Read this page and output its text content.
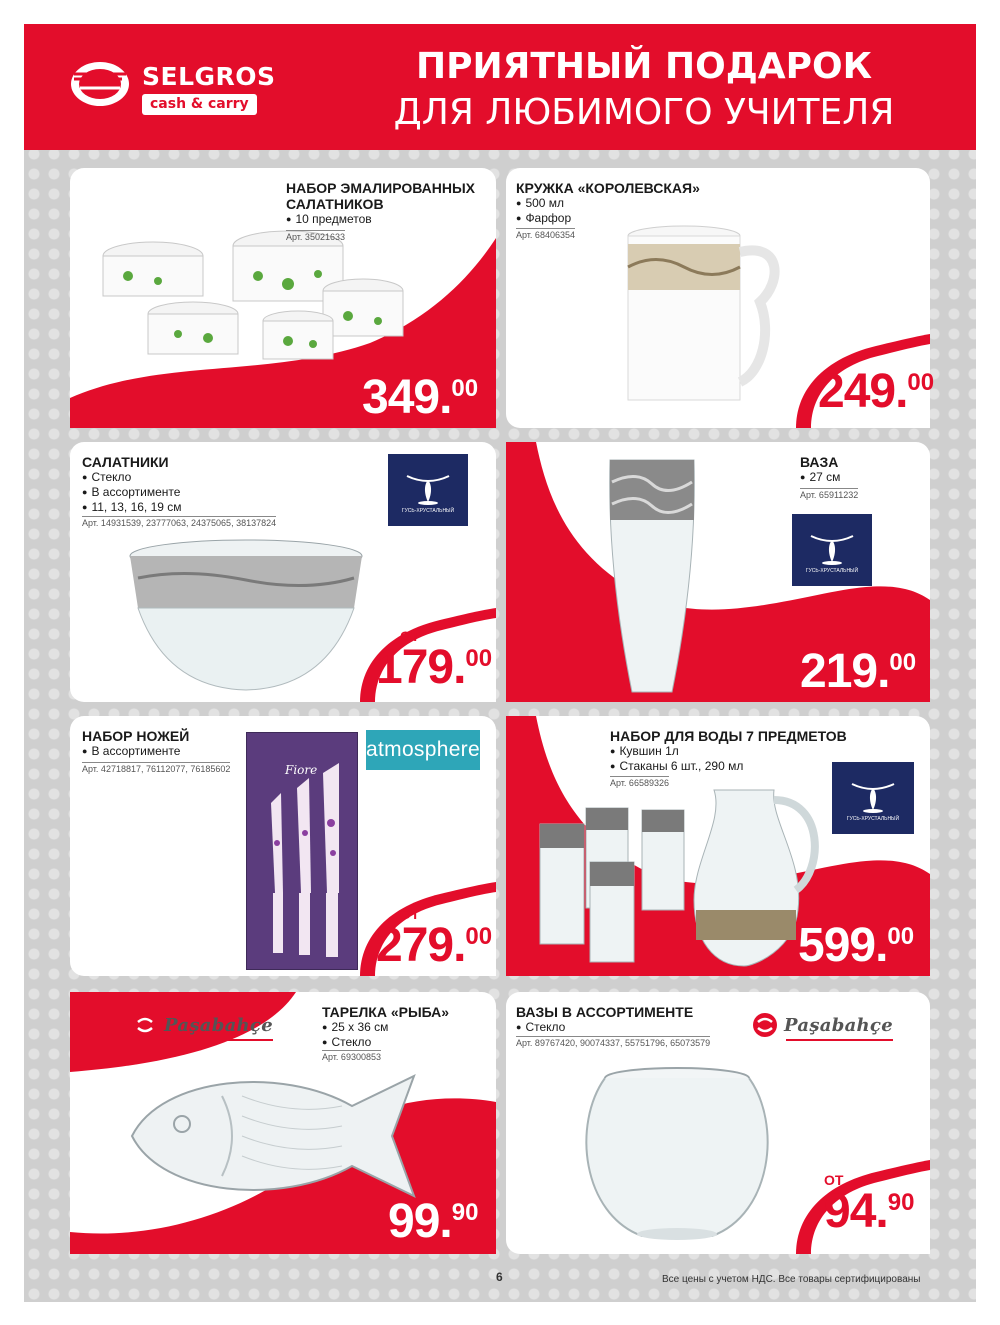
SELGROS
cash & carry
ПРИЯТНЫЙ ПОДАРОК
ДЛЯ ЛЮБИМОГО УЧИТЕЛЯ
НАБОР ЭМАЛИРОВАННЫХ
САЛАТНИКОВ
● 10 предметов
Арт. 35021633
349.00
КРУЖКА «КОРОЛЕВСКАЯ»
● 500 мл
● Фарфор
Арт. 68406354
249.00
САЛАТНИКИ
● Стекло
● В ассортименте
● 11, 13, 16, 19 см
Арт. 14931539, 23777063, 24375065, 38137824
ГУСЬ-ХРУСТАЛЬНЫЙ
ОТ
179.00
ВАЗА
● 27 см
Арт. 65911232
ГУСЬ-ХРУСТАЛЬНЫЙ
219.00
Fiore
НАБОР НОЖЕЙ
● В ассортименте
Арт. 42718817, 76112077, 76185602
atmosphere
ОТ
279.00
НАБОР ДЛЯ ВОДЫ 7 ПРЕДМЕТОВ
● Кувшин 1л
● Стаканы 6 шт., 290 мл
Арт. 66589326
ГУСЬ-ХРУСТАЛЬНЫЙ
599.00
Paşabahçe
ТАРЕЛКА «РЫБА»
● 25 x 36 см
● Стекло
Арт. 69300853
99.90
ВАЗЫ В АССОРТИМЕНТЕ
● Стекло
Арт. 89767420, 90074337, 55751796, 65073579
Paşabahçe
ОТ
94.90
6	Все цены с учетом НДС. Все товары сертифицированы
